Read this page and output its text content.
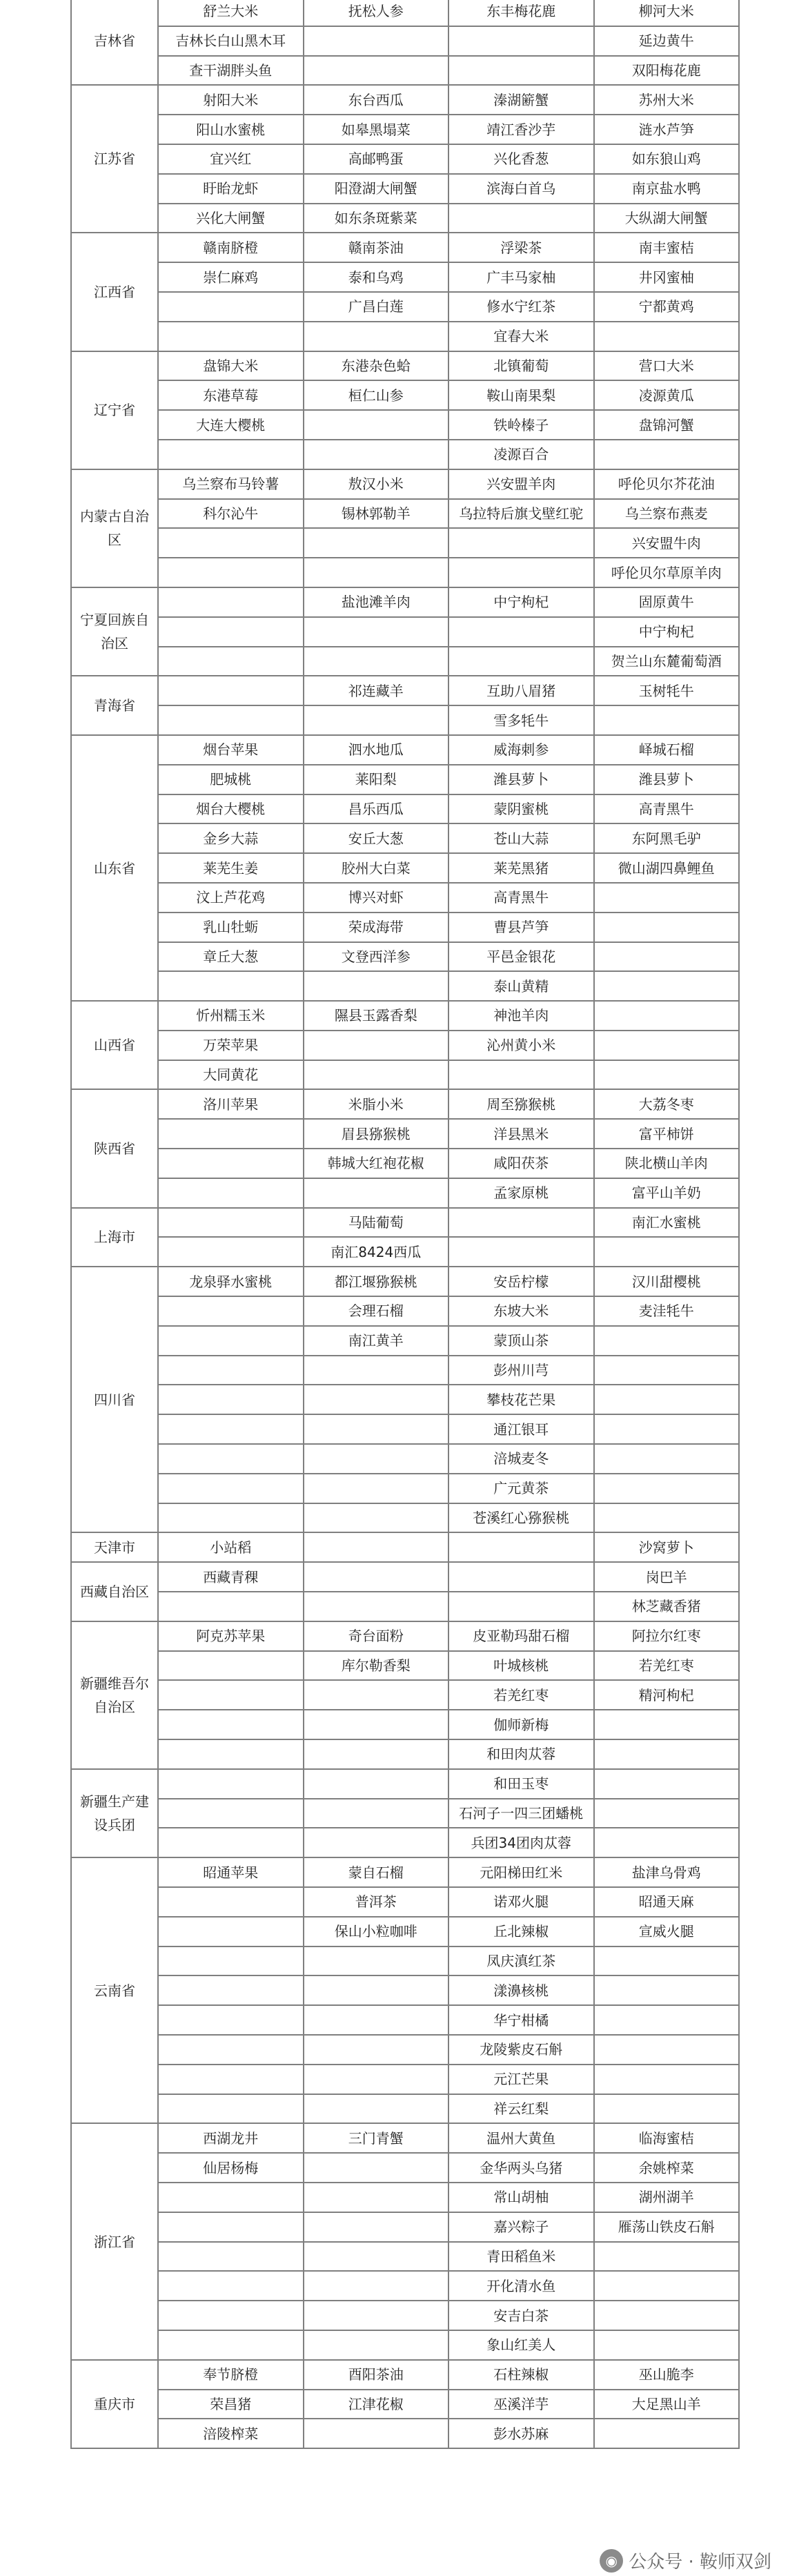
吉林省	舒兰大米	抚松人参	东丰梅花鹿	柳河大米
	吉林长白山黑木耳			延边黄牛
	查干湖胖头鱼			双阳梅花鹿
江苏省	射阳大米	东台西瓜	溱湖簖蟹	苏州大米
	阳山水蜜桃	如皋黑塌菜	靖江香沙芋	涟水芦笋
	宜兴红	高邮鸭蛋	兴化香葱	如东狼山鸡
	盱眙龙虾	阳澄湖大闸蟹	滨海白首乌	南京盐水鸭
	兴化大闸蟹	如东条斑紫菜		大纵湖大闸蟹
江西省	赣南脐橙	赣南茶油	浮梁茶	南丰蜜桔
	崇仁麻鸡	泰和乌鸡	广丰马家柚	井冈蜜柚
		广昌白莲	修水宁红茶	宁都黄鸡
			宜春大米	
辽宁省	盘锦大米	东港杂色蛤	北镇葡萄	营口大米
	东港草莓	桓仁山参	鞍山南果梨	凌源黄瓜
	大连大樱桃		铁岭榛子	盘锦河蟹
			凌源百合	
内蒙古自治区	乌兰察布马铃薯	敖汉小米	兴安盟羊肉	呼伦贝尔芥花油
	科尔沁牛	锡林郭勒羊	乌拉特后旗戈壁红驼	乌兰察布燕麦
				兴安盟牛肉
				呼伦贝尔草原羊肉
宁夏回族自治区		盐池滩羊肉	中宁枸杞	固原黄牛
				中宁枸杞
				贺兰山东麓葡萄酒
青海省		祁连藏羊	互助八眉猪	玉树牦牛
			雪多牦牛	
山东省	烟台苹果	泗水地瓜	威海刺参	峄城石榴
	肥城桃	莱阳梨	潍县萝卜	潍县萝卜
	烟台大樱桃	昌乐西瓜	蒙阴蜜桃	高青黑牛
	金乡大蒜	安丘大葱	苍山大蒜	东阿黑毛驴
	莱芜生姜	胶州大白菜	莱芜黑猪	微山湖四鼻鲤鱼
	汶上芦花鸡	博兴对虾	高青黑牛	
	乳山牡蛎	荣成海带	曹县芦笋	
	章丘大葱	文登西洋参	平邑金银花	
			泰山黄精	
山西省	忻州糯玉米	隰县玉露香梨	神池羊肉	
	万荣苹果		沁州黄小米	
	大同黄花			
陕西省	洛川苹果	米脂小米	周至猕猴桃	大荔冬枣
		眉县猕猴桃	洋县黑米	富平柿饼
		韩城大红袍花椒	咸阳茯茶	陕北横山羊肉
			孟家原桃	富平山羊奶
上海市		马陆葡萄		南汇水蜜桃
		南汇8424西瓜		
四川省	龙泉驿水蜜桃	都江堰猕猴桃	安岳柠檬	汉川甜樱桃
		会理石榴	东坡大米	麦洼牦牛
		南江黄羊	蒙顶山茶	
			彭州川芎	
			攀枝花芒果	
			通江银耳	
			涪城麦冬	
			广元黄茶	
			苍溪红心猕猴桃	
天津市	小站稻			沙窝萝卜
西藏自治区	西藏青稞			岗巴羊
				林芝藏香猪
新疆维吾尔自治区	阿克苏苹果	奇台面粉	皮亚勒玛甜石榴	阿拉尔红枣
		库尔勒香梨	叶城核桃	若羌红枣
			若羌红枣	精河枸杞
			伽师新梅	
			和田肉苁蓉	
新疆生产建设兵团			和田玉枣	
			石河子一四三团蟠桃	
			兵团34团肉苁蓉	
云南省	昭通苹果	蒙自石榴	元阳梯田红米	盐津乌骨鸡
		普洱茶	诺邓火腿	昭通天麻
		保山小粒咖啡	丘北辣椒	宣威火腿
			凤庆滇红茶	
			漾濞核桃	
			华宁柑橘	
			龙陵紫皮石斛	
			元江芒果	
			祥云红梨	
浙江省	西湖龙井	三门青蟹	温州大黄鱼	临海蜜桔
	仙居杨梅		金华两头乌猪	余姚榨菜
			常山胡柚	湖州湖羊
			嘉兴粽子	雁荡山铁皮石斛
			青田稻鱼米	
			开化清水鱼	
			安吉白茶	
			象山红美人	
重庆市	奉节脐橙	酉阳茶油	石柱辣椒	巫山脆李
	荣昌猪	江津花椒	巫溪洋芋	大足黑山羊
	涪陵榨菜		彭水苏麻	
◉ 公众号 · 鞍师双剑
